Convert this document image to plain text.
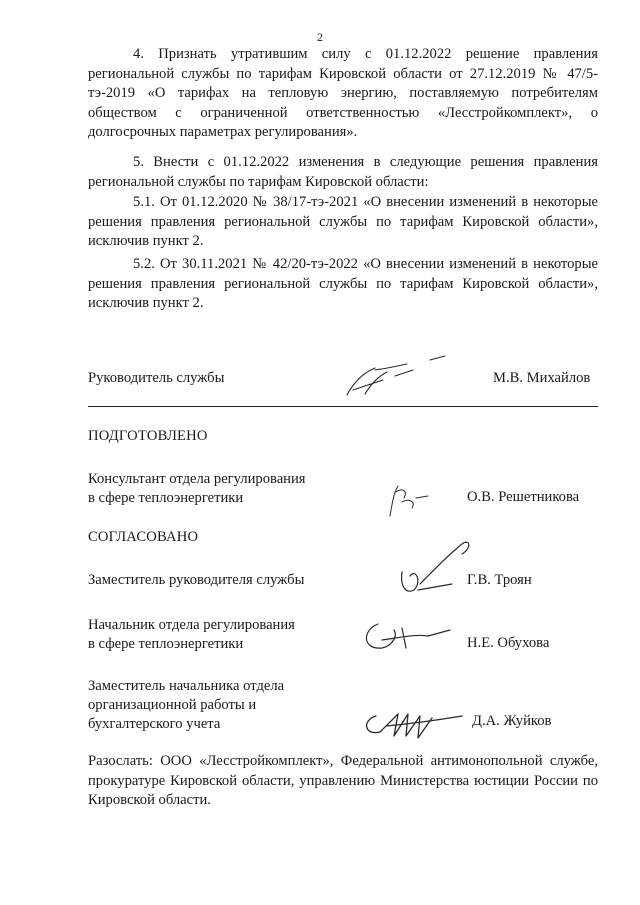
2

4. Признать утратившим силу с 01.12.2022 решение правления региональной службы по тарифам Кировской области от 27.12.2019 № 47/5-тэ-2019 «О тарифах на тепловую энергию, поставляемую потребителям обществом с ограниченной ответственностью «Лесстройкомплект», о долгосрочных параметрах регулирования».

5. Внести с 01.12.2022 изменения в следующие решения правления региональной службы по тарифам Кировской области:

5.1. От 01.12.2020 № 38/17-тэ-2021 «О внесении изменений в некоторые решения правления региональной службы по тарифам Кировской области», исключив пункт 2.

5.2. От 30.11.2021 № 42/20-тэ-2022 «О внесении изменений в некоторые решения правления региональной службы по тарифам Кировской области», исключив пункт 2.

Руководитель службы	М.В. Михайлов
ПОДГОТОВЛЕНО
Консультант отдела регулирования
в сфере теплоэнергетики	О.В. Решетникова
СОГЛАСОВАНО
Заместитель руководителя службы	Г.В. Троян
Начальник отдела регулирования
в сфере теплоэнергетики	Н.Е. Обухова
Заместитель начальника отдела
организационной работы и
бухгалтерского учета	Д.А. Жуйков

Разослать: ООО «Лесстройкомплект», Федеральной антимонопольной службе, прокуратуре Кировской области, управлению Министерства юстиции России по Кировской области.
